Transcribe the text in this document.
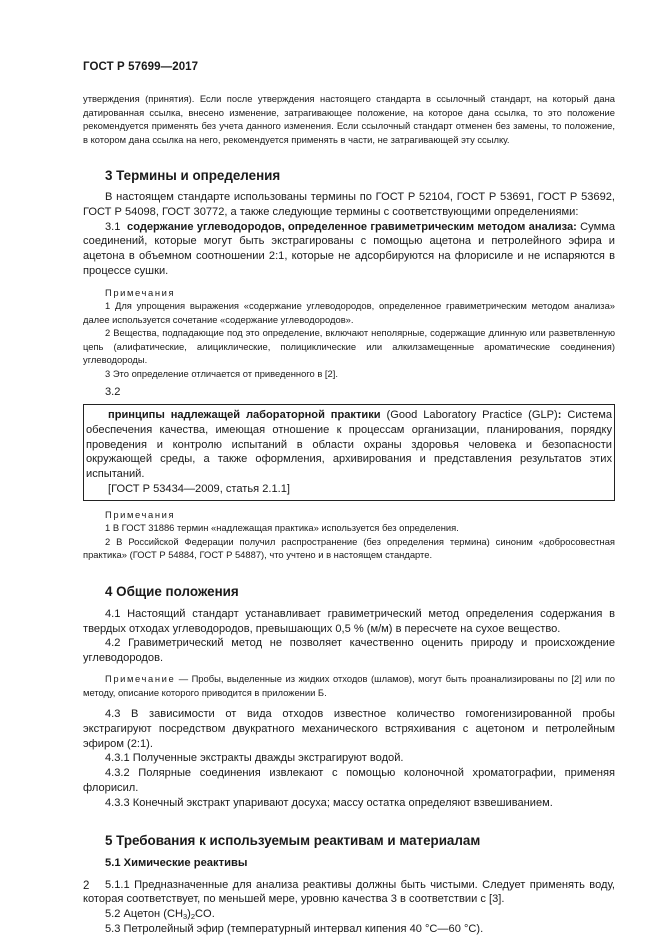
ГОСТ Р 57699—2017

утверждения (принятия). Если после утверждения настоящего стандарта в ссылочный стандарт, на который дана датированная ссылка, внесено изменение, затрагивающее положение, на которое дана ссылка, то это положение рекомендуется применять без учета данного изменения. Если ссылочный стандарт отменен без замены, то положение, в котором дана ссылка на него, рекомендуется применять в части, не затрагивающей эту ссылку.

3 Термины и определения

В настоящем стандарте использованы термины по ГОСТ Р 52104, ГОСТ Р 53691, ГОСТ Р 53692, ГОСТ Р 54098, ГОСТ 30772, а также следующие термины с соответствующими определениями:

3.1 содержание углеводородов, определенное гравиметрическим методом анализа: Сумма соединений, которые могут быть экстрагированы с помощью ацетона и петролейного эфира и ацетона в объемном соотношении 2:1, которые не адсорбируются на флорисиле и не испаряются в процессе сушки.

Примечания

1 Для упрощения выражения «содержание углеводородов, определенное гравиметрическим методом анализа» далее используется сочетание «содержание углеводородов».

2 Вещества, подпадающие под это определение, включают неполярные, содержащие длинную или разветвленную цепь (алифатические, алициклические, полициклические или алкилзамещенные ароматические соединения) углеводороды.

3 Это определение отличается от приведенного в [2].

3.2

принципы надлежащей лабораторной практики (Good Laboratory Practice (GLP): Система обеспечения качества, имеющая отношение к процессам организации, планирования, порядку проведения и контролю испытаний в области охраны здоровья человека и безопасности окружающей среды, а также оформления, архивирования и представления результатов этих испытаний.

[ГОСТ Р 53434—2009, статья 2.1.1]

Примечания

1 В ГОСТ 31886 термин «надлежащая практика» используется без определения.

2 В Российской Федерации получил распространение (без определения термина) синоним «добросовестная практика» (ГОСТ Р 54884, ГОСТ Р 54887), что учтено и в настоящем стандарте.

4 Общие положения

4.1 Настоящий стандарт устанавливает гравиметрический метод определения содержания в твердых отходах углеводородов, превышающих 0,5 % (м/м) в пересчете на сухое вещество.

4.2 Гравиметрический метод не позволяет качественно оценить природу и происхождение углеводородов.

Примечание — Пробы, выделенные из жидких отходов (шламов), могут быть проанализированы по [2] или по методу, описание которого приводится в приложении Б.

4.3 В зависимости от вида отходов известное количество гомогенизированной пробы экстрагируют посредством двукратного механического встряхивания с ацетоном и петролейным эфиром (2:1).

4.3.1 Полученные экстракты дважды экстрагируют водой.

4.3.2 Полярные соединения извлекают с помощью колоночной хроматографии, применяя флорисил.

4.3.3 Конечный экстракт упаривают досуха; массу остатка определяют взвешиванием.

5 Требования к используемым реактивам и материалам

5.1 Химические реактивы

5.1.1 Предназначенные для анализа реактивы должны быть чистыми. Следует применять воду, которая соответствует, по меньшей мере, уровню качества 3 в соответствии с [3].

5.2 Ацетон $(CH_3)_2CO$.

5.3 Петролейный эфир (температурный интервал кипения 40 °С—60 °С).

2
